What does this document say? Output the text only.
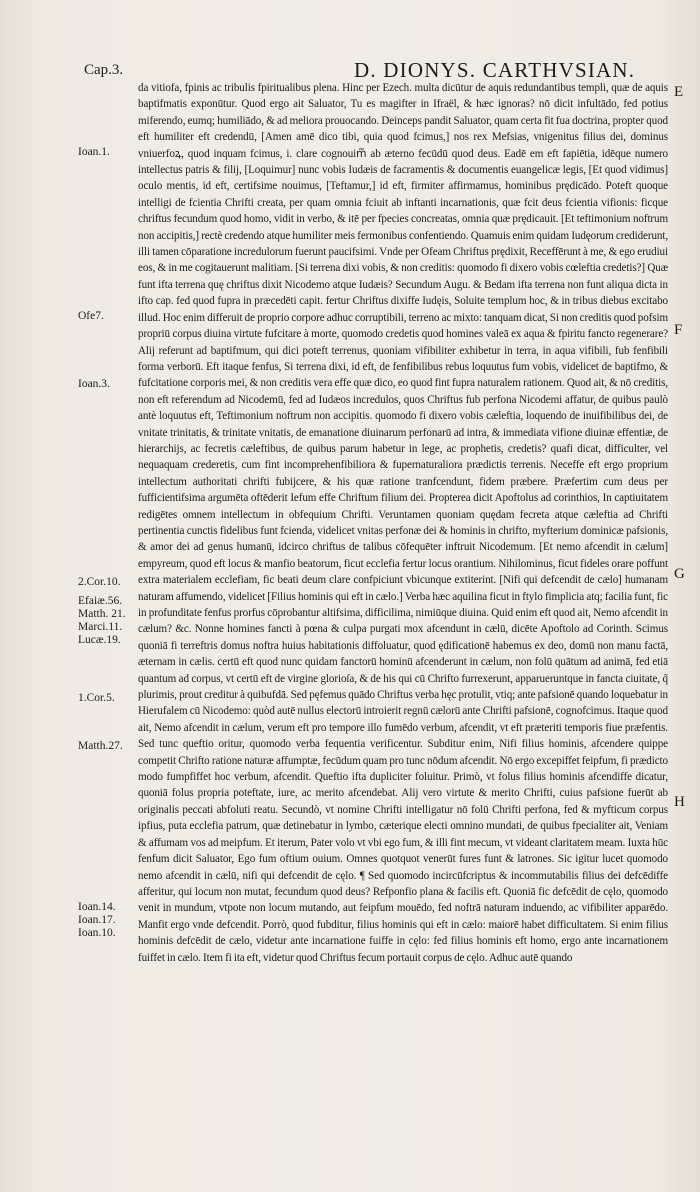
Cap.3.	D. DIONYS. CARTHVSIAN.
Ioan.1.
Ofe7.
Ioan.3.
2.Cor.10.
Efaiæ.56.
Matth. 21.
Marci.11.
Lucæ.19.
1.Cor.5.
Matth.27.
Ioan.14.
Ioan.17.
Ioan.10.
E
F
G
H

da vitiofa, fpinis ac tribulis fpiritualibus plena. Hinc per Ezech. multa dicūtur de aquis redundantibus templi, quæ de aquis baptifmatis exponūtur. Quod ergo ait Saluator, Tu es magifter in Ifraël, & hæc ignoras? nō dicit infultādo, fed potius miferendo, eumq; humiliādo, & ad meliora prouocando. Deinceps pandit Saluator, quam certa fit fua doctrina, propter quod eft humiliter eft credendū, [Amen amē dico tibi, quia quod fcimus,] nos rex Mefsias, vnigenitus filius dei, dominus vniuerfoꝝ, quod inquam fcimus, i. clare cognouim᷑ ab æterno fecūdū quod deus. Eadē em eft fapiētia, idēque numero intellectus patris & filij, [Loquimur] nunc vobis Iudæis de facramentis & documentis euangelicæ legis, [Et quod vidimus] oculo mentis, id eft, certifsime nouimus, [Teftamur,] id eft, firmiter affirmamus, hominibus prędicādo. Poteft quoque intelligi de fcientia Chrifti creata, per quam omnia fciuit ab inftanti incarnationis, quæ fcit deus fcientia vifionis: ficque chriftus fecundum quod homo, vidit in verbo, & itē per fpecies concreatas, omnia quæ prędicauit. [Et teftimonium noftrum non accipitis,] rectè credendo atque humiliter meis fermonibus confentiendo. Quamuis enim quidam Iudęorum crediderunt, illi tamen cōparatione incredulorum fuerunt paucifsimi. Vnde per Ofeam Chriftus prędixit, Receffērunt à me, & ego erudiui eos, & in me cogitauerunt malitiam. [Si terrena dixi vobis, & non creditis: quomodo fi dixero vobis cœleftia credetis?] Quæ funt ifta terrena quę chriftus dixit Nicodemo atque Iudæis? Secundum Augu. & Bedam ifta terrena non funt aliqua dicta in ifto cap. fed quod fupra in præcedēti capit. fertur Chriftus dixiffe Iudęis, Soluite templum hoc, & in tribus diebus excitabo illud. Hoc enim differuit de proprio corpore adhuc corruptibili, terreno ac mixto: tanquam dicat, Si non creditis quod pofsim propriū corpus diuina virtute fufcitare à morte, quomodo credetis quod homines valeā ex aqua & fpiritu fancto regenerare? Alij referunt ad baptifmum, qui dici poteft terrenus, quoniam vifibiliter exhibetur in terra, in aqua vifibili, fub fenfibili forma verborū. Eft itaque fenfus, Si terrena dixi, id eft, de fenfibilibus rebus loquutus fum vobis, videlicet de baptifmo, & fufcitatione corporis mei, & non creditis vera effe quæ dico, eo quod fint fupra naturalem rationem. Quod ait, & nō creditis, non eft referendum ad Nicodemū, fed ad Iudæos incredulos, quos Chriftus fub perfona Nicodemi affatur, de quibus paulò antè loquutus eft, Teftimonium noftrum non accipitis. quomodo fi dixero vobis cæleftia, loquendo de inuifibilibus dei, de vnitate trinitatis, & trinitate vnitatis, de emanatione diuinarum perfonarū ad intra, & immediata vifione diuinæ effentiæ, de hierarchijs, ac fecretis cæleftibus, de quibus parum habetur in lege, ac prophetis, credetis? quafi dicat, difficulter, vel nequaquam crederetis, cum fint incomprehenfibiliora & fupernaturaliora prædictis terrenis. Neceffe eft ergo proprium intellectum authoritati chrifti fubijcere, & his quæ ratione tranfcendunt, fidem præbere. Præfertim cum deus per fufficientifsima argumēta oftēderit Iefum effe Chriftum filium dei. Propterea dicit Apoftolus ad corinthios, In captiuitatem redigētes omnem intellectum in obfequium Chrifti. Veruntamen quoniam quędam fecreta atque cæleftia ad Chrifti pertinentia cunctis fidelibus funt fcienda, videlicet vnitas perfonæ dei & hominis in chrifto, myfterium dominicæ pafsionis, & amor dei ad genus humanū, idcirco chriftus de talibus cōfequēter inftruit Nicodemum. [Et nemo afcendit in cælum] empyreum, quod eft locus & manfio beatorum, ficut ecclefia fertur locus orantium. Nihilominus, ficut fideles orare poffunt extra materialem ecclefiam, fic beati deum clare confpiciunt vbicunque extiterint. [Nifi qui defcendit de cælo] humanam naturam affumendo, videlicet [Filius hominis qui eft in cælo.] Verba hæc aquilina ficut in ftylo fimplicia atq; facilia funt, fic in profunditate fenfus prorfus cōprobantur altifsima, difficilima, nimiūque diuina. Quid enim eft quod ait, Nemo afcendit in cælum? &c. Nonne homines fancti à pœna & culpa purgati mox afcendunt in cælū, dicēte Apoftolo ad Corinth. Scimus quoniā fi terreftris domus noftra huius habitationis diffoluatur, quod ędificationē habemus ex deo, domū non manu factā, æternam in cælis. certū eft quod nunc quidam fanctorū hominū afcenderunt in cælum, non folū quātum ad animā, fed etiā quantum ad corpus, vt certū eft de virgine glorioſa, & de his qui cū Chrifto furrexerunt, apparueruntque in fancta ciuitate, q̃ plurimis, prout creditur à quibufdā. Sed pęfemus quādo Chriftus verba hęc protulit, vtiq; ante pafsionē quando loquebatur in Hierufalem cū Nicodemo: quòd autē nullus electorū introierit regnū cælorū ante Chrifti pafsionē, cognofcimus. Itaque quod ait, Nemo afcendit in cælum, verum eft pro tempore illo fumēdo verbum, afcendit, vt eft præteriti temporis fiue præfentis. Sed tunc queftio oritur, quomodo verba fequentia verificentur. Subditur enim, Nifi filius hominis, afcendere quippe competit Chrifto ratione naturæ affumptæ, fecūdum quam pro tunc nōdum afcendit. Nō ergo excepiffet feipfum, fi prædicto modo fumpfiffet hoc verbum, afcendit. Queftio ifta dupliciter foluitur. Primò, vt folus filius hominis afcendiffe dicatur, quoniā folus propria poteftate, iure, ac merito afcendebat. Alij vero virtute & merito Chrifti, cuius pafsione fuerūt ab originalis peccati abfoluti reatu. Secundò, vt nomine Chrifti intelligatur nō folū Chrifti perfona, fed & myfticum corpus ipfius, puta ecclefia patrum, quæ detinebatur in lymbo, cæterique electi omnino mundati, de quibus fpecialiter ait, Veniam & affumam vos ad meipfum. Et iterum, Pater volo vt vbi ego fum, & illi fint mecum, vt videant claritatem meam. Iuxta hūc fenfum dicit Saluator, Ego fum oftium ouium. Omnes quotquot venerūt fures funt & latrones. Sic igitur lucet quomodo nemo afcendit in cælū, nifi qui defcendit de cęlo. ¶ Sed quomodo incircūfcriptus & incommutabilis filius dei defcēdiffe afferitur, qui locum non mutat, fecundum quod deus? Refponfio plana & facilis eft. Quoniā fic defcēdit de cęlo, quomodo venit in mundum, vtpote non locum mutando, aut feipfum mouēdo, fed noftrā naturam induendo, ac vifibiliter apparēdo. Manfit ergo vnde defcendit. Porrò, quod fubditur, filius hominis qui eft in cælo: maiorē habet difficultatem. Si enim filius hominis defcēdit de cælo, videtur ante incarnatione fuiffe in cęlo: fed filius hominis eft homo, ergo ante incarnationem fuiffet in cælo. Item fi ita eft, videtur quod Chriftus fecum portauit corpus de cęlo. Adhuc autē quando
